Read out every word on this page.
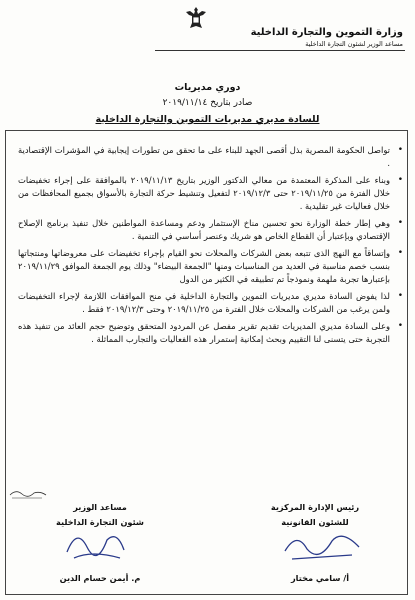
وزارة التموين والتجارة الداخلية
مساعد الوزير لشئون التجارة الداخلية
دوري مديريات
صادر بتاريخ ٢٠١٩/١١/١٤
للسادة مديري مديريات التموين والتجارة الداخلية
•
تواصل الحكومة المصرية بذل أقصى الجهد للبناء على ما تحقق من تطورات إيجابية في المؤشرات الإقتصادية .
•
وبناء على المذكرة المعتمدة من معالي الدكتور الوزير بتاريخ ٢٠١٩/١١/١٣ بالموافقة على إجراء تخفيضات خلال الفترة من ٢٠١٩/١١/٢٥ حتى ٢٠١٩/١٢/٣ لتفعيل وتنشيط حركة التجارة بالأسواق بجميع المحافظات من خلال فعاليات غير تقليدية .
•
وهي إطار خطة الوزارة نحو تحسين مناخ الإستثمار ودعم ومساعدة المواطنين خلال تنفيذ برنامج الإصلاح الإقتصادي وبإعتبار أن القطاع الخاص هو شريك وعنصر أساسي في التنمية .
•
وإتساقاً مع النهج الذى تتبعه بعض الشركات والمحلات نحو القيام بإجراء تخفيضات على معروضاتها ومنتجاتها بنسب خصم مناسبة في العديد من المناسبات ومنها "الجمعة البيضاء" وذلك يوم الجمعة الموافق ٢٠١٩/١١/٢٩ بإعتبارها تجربة ملهمة ونموذجاً تم تطبيقه في الكثير من الدول
•
لذا يفوض السادة مديري مديريات التموين والتجارة الداخلية في منح الموافقات اللازمة لإجراء التخفيضات ولمن يرغب من الشركات والمحلات خلال الفترة من ٢٠١٩/١١/٢٥ وحتى ٢٠١٩/١٢/٣ فقط .
•
وعلى السادة مديري المديريات تقديم تقرير مفصل عن المردود المتحقق وتوضيح حجم العائد من تنفيذ هذه التجربة حتى يتسنى لنا التقييم وبحث إمكانية إستمرار هذه الفعاليات والتجارب المماثلة .
مساعد الوزير
شئون التجارة الداخلية
م. أيمن حسام الدين
رئيس الإدارة المركزية
للشئون القانونية
أ/ سامي مختار
